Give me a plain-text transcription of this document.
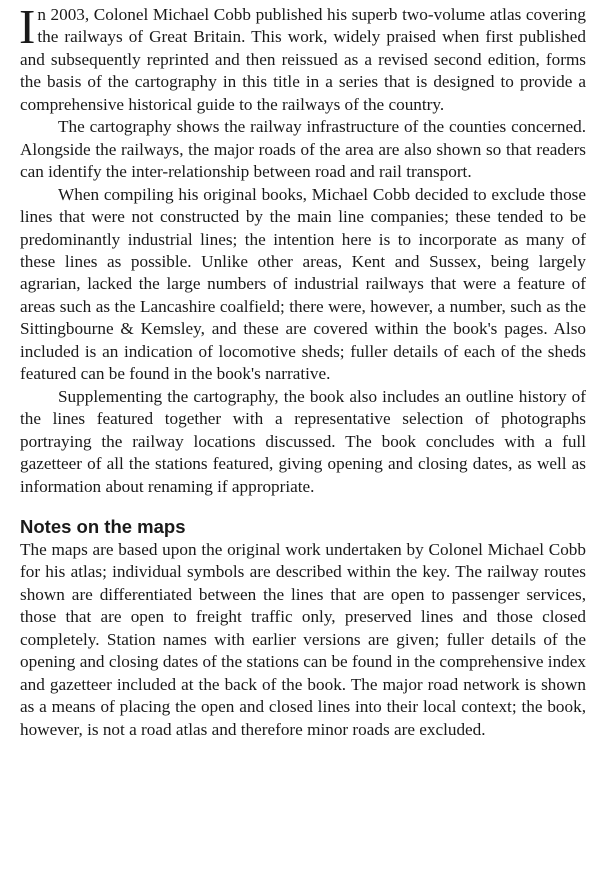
In 2003, Colonel Michael Cobb published his superb two-volume atlas covering the railways of Great Britain. This work, widely praised when first published and subsequently reprinted and then reissued as a revised second edition, forms the basis of the cartography in this title in a series that is designed to provide a comprehensive historical guide to the railways of the country.

The cartography shows the railway infrastructure of the counties concerned. Alongside the railways, the major roads of the area are also shown so that readers can identify the inter-relationship between road and rail transport.

When compiling his original books, Michael Cobb decided to exclude those lines that were not constructed by the main line companies; these tended to be predominantly industrial lines; the intention here is to incorporate as many of these lines as possible. Unlike other areas, Kent and Sussex, being largely agrarian, lacked the large numbers of industrial railways that were a feature of areas such as the Lancashire coalfield; there were, however, a number, such as the Sittingbourne & Kemsley, and these are covered within the book's pages. Also included is an indication of locomotive sheds; fuller details of each of the sheds featured can be found in the book's narrative.

Supplementing the cartography, the book also includes an outline history of the lines featured together with a representative selection of photographs portraying the railway locations discussed. The book concludes with a full gazetteer of all the stations featured, giving opening and closing dates, as well as information about renaming if appropriate.

Notes on the maps

The maps are based upon the original work undertaken by Colonel Michael Cobb for his atlas; individual symbols are described within the key. The railway routes shown are differentiated between the lines that are open to passenger services, those that are open to freight traffic only, preserved lines and those closed completely. Station names with earlier versions are given; fuller details of the opening and closing dates of the stations can be found in the comprehensive index and gazetteer included at the back of the book. The major road network is shown as a means of placing the open and closed lines into their local context; the book, however, is not a road atlas and therefore minor roads are excluded.
